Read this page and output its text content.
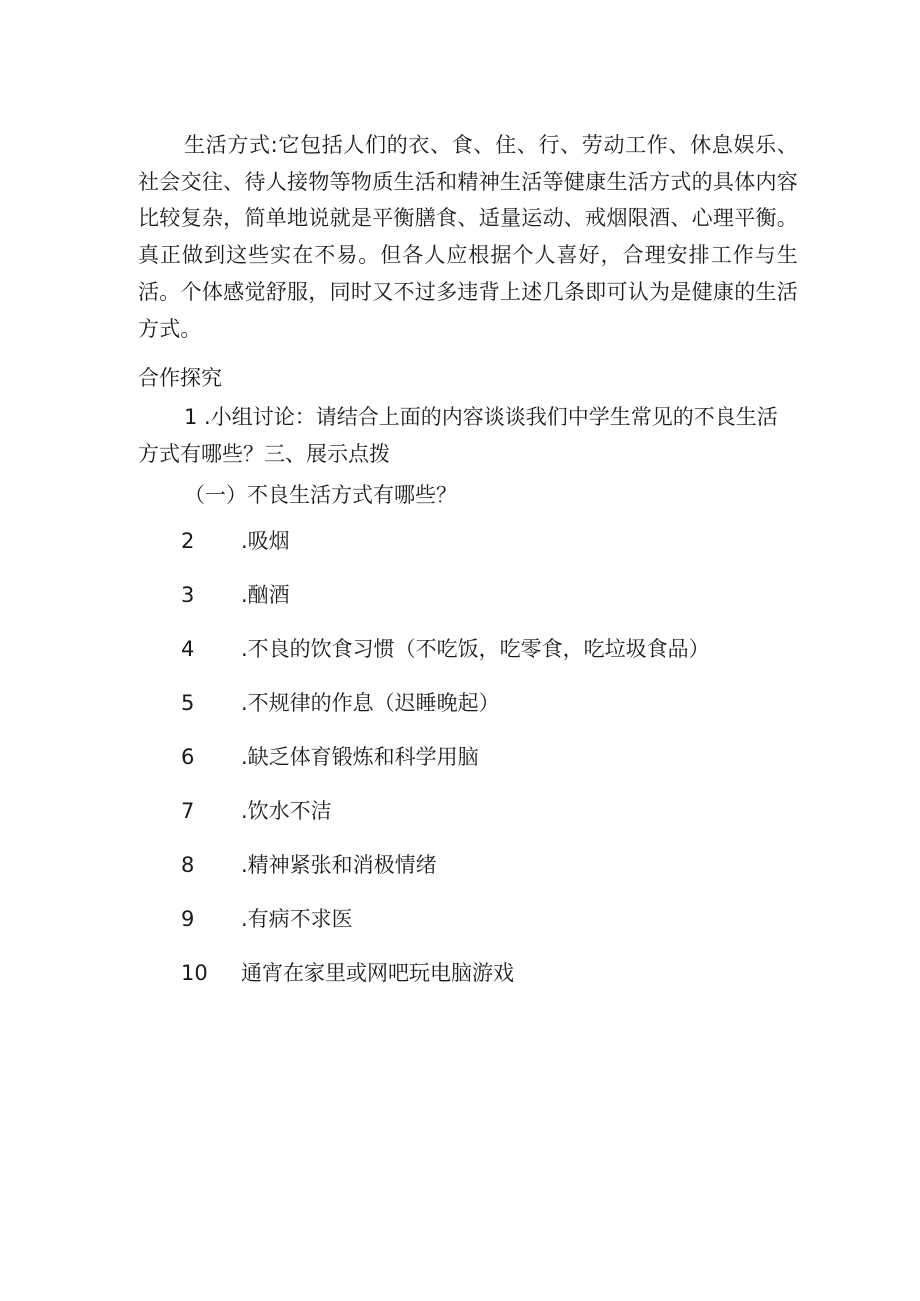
生活方式:它包括人们的衣、食、住、行、劳动工作、休息娱乐、社会交往、待人接物等物质生活和精神生活等健康生活方式的具体内容比较复杂，简单地说就是平衡膳食、适量运动、戒烟限酒、心理平衡。真正做到这些实在不易。但各人应根据个人喜好，合理安排工作与生活。个体感觉舒服，同时又不过多违背上述几条即可认为是健康的生活方式。

合作探究

1 .小组讨论：请结合上面的内容谈谈我们中学生常见的不良生活方式有哪些？三、展示点拨

（一）不良生活方式有哪些？
2	.吸烟
3	.酗酒
4	.不良的饮食习惯（不吃饭，吃零食，吃垃圾食品）
5	.不规律的作息（迟睡晚起）
6	.缺乏体育锻炼和科学用脑
7	.饮水不洁
8	.精神紧张和消极情绪
9	.有病不求医
10	通宵在家里或网吧玩电脑游戏
